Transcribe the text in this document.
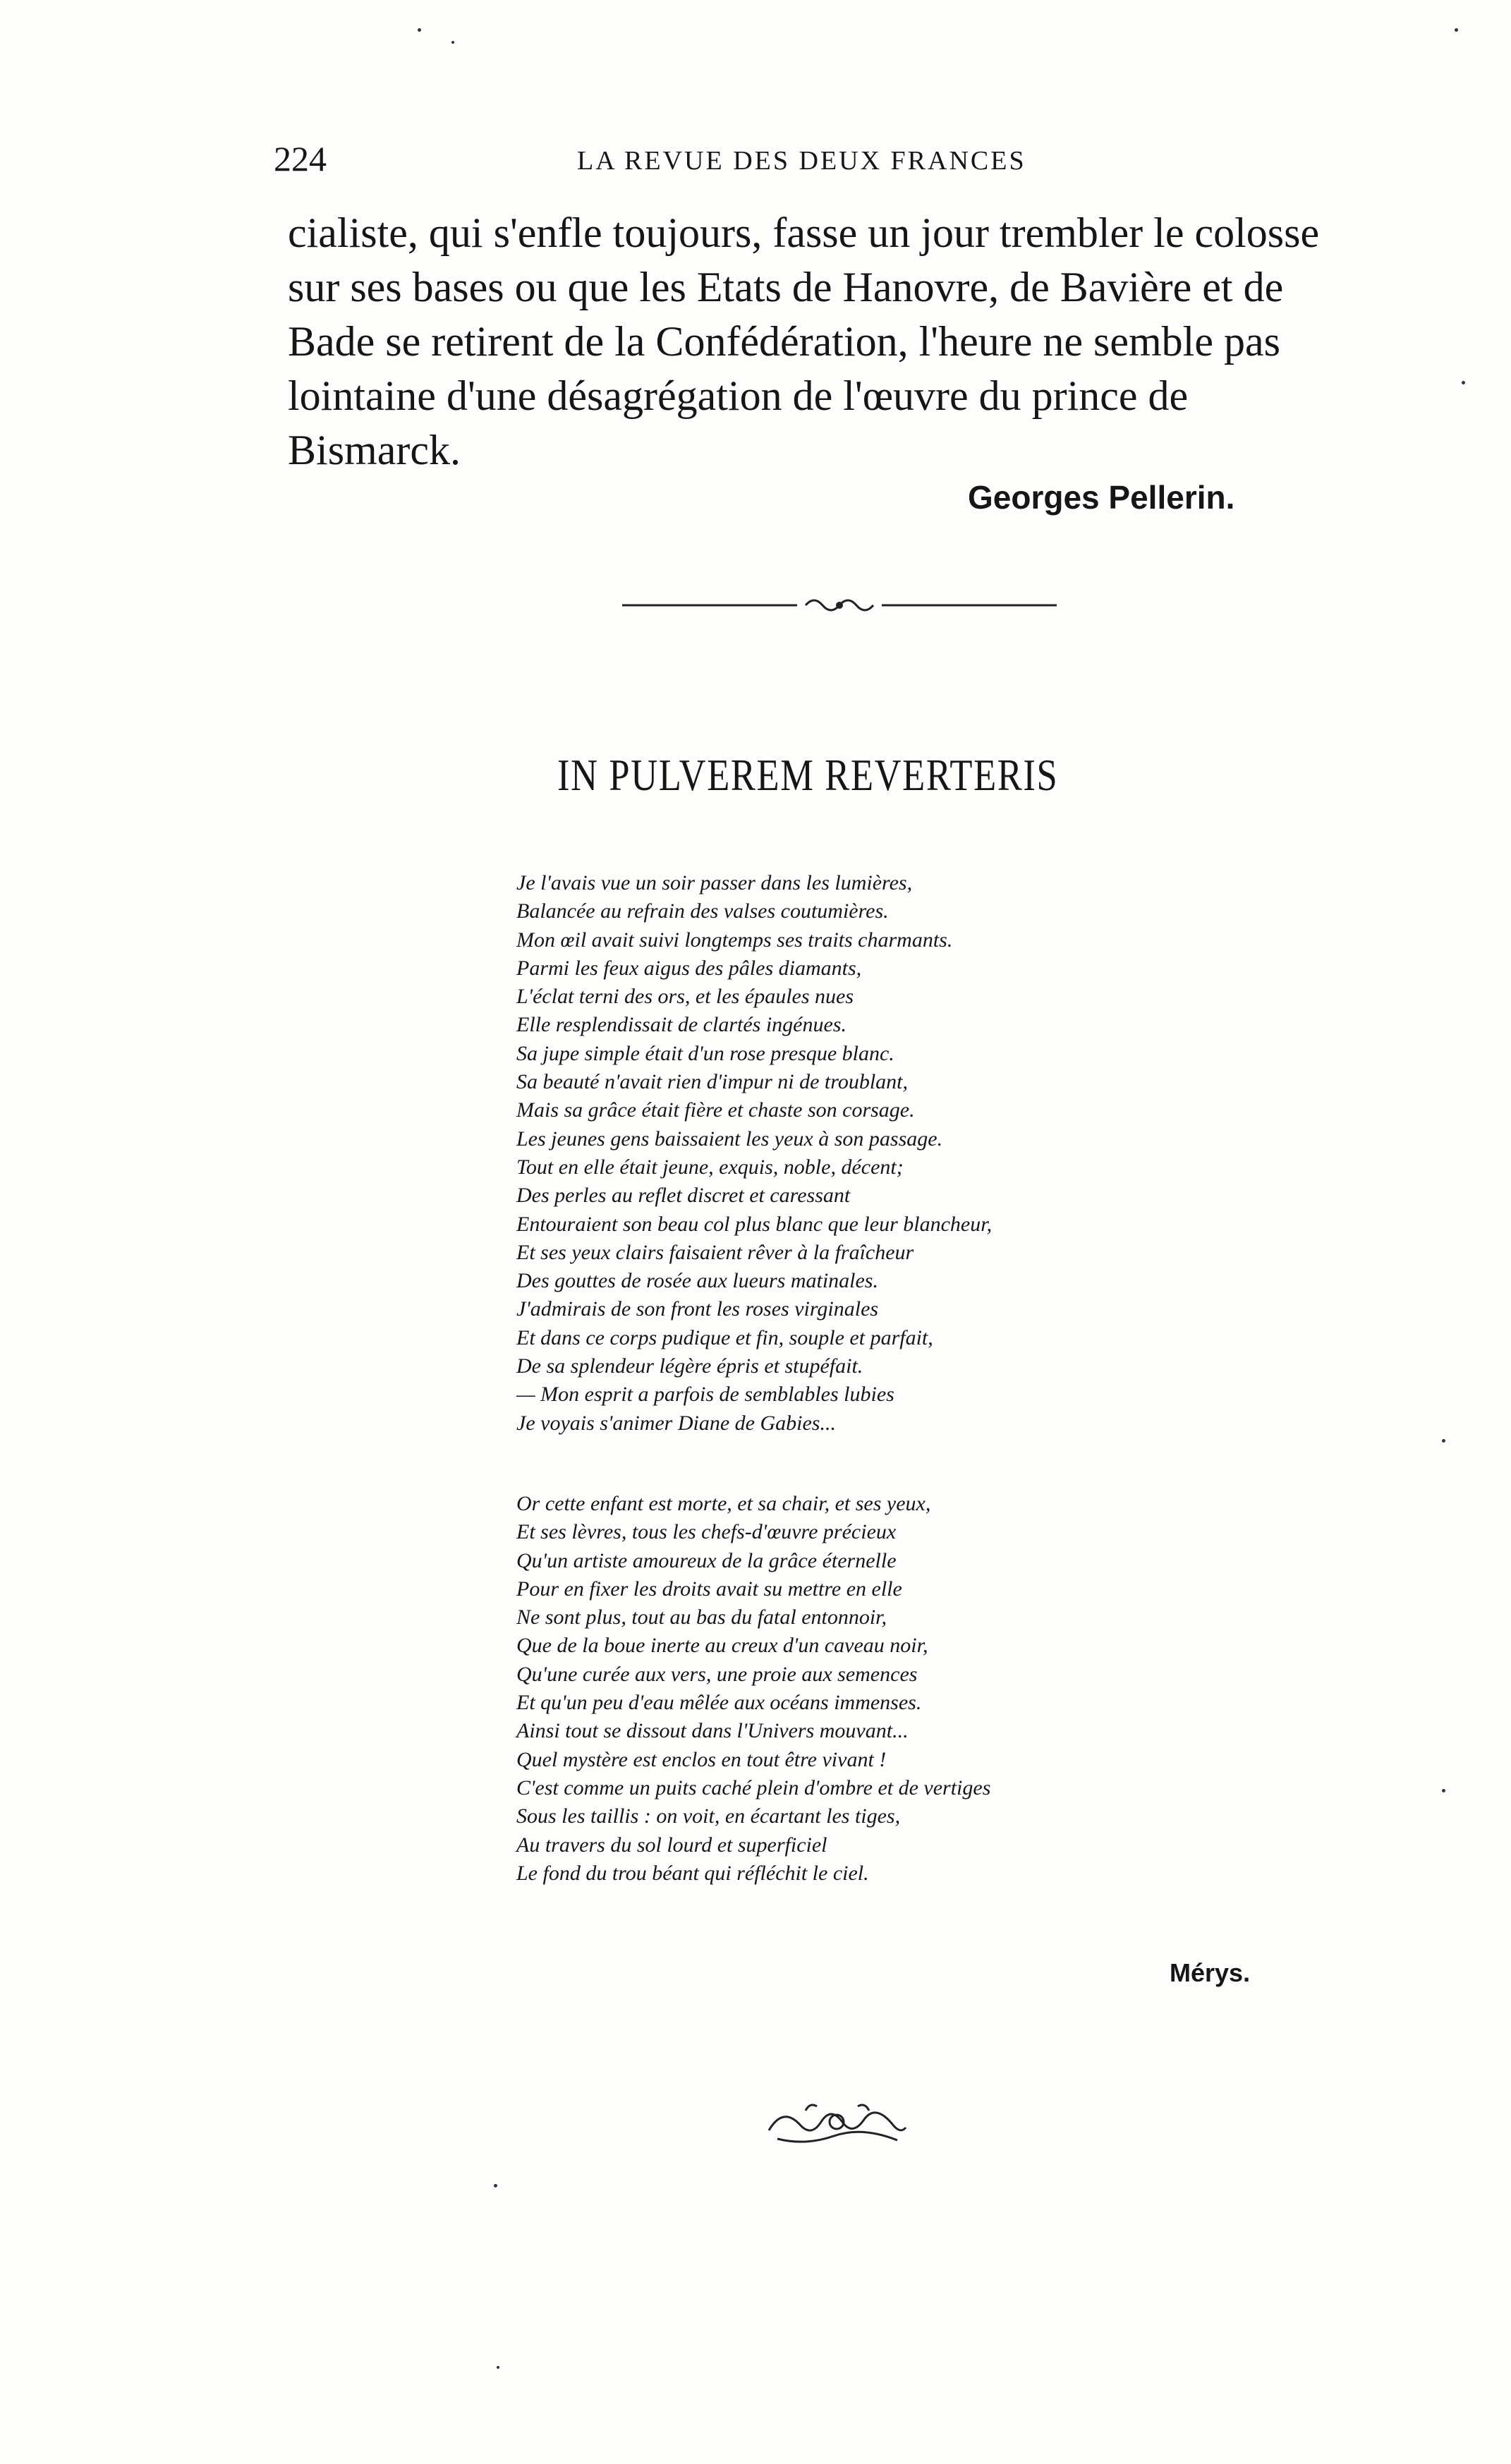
224	LA REVUE DES DEUX FRANCES
cialiste, qui s'enfle toujours, fasse un jour trembler le colosse
sur ses bases ou que les Etats de Hanovre, de Bavière et de
Bade se retirent de la Confédération, l'heure ne semble pas
lointaine d'une désagrégation de l'œuvre du prince de
Bismarck.
Georges Pellerin.
IN PULVEREM REVERTERIS
Je l'avais vue un soir passer dans les lumières,
Balancée au refrain des valses coutumières.
Mon œil avait suivi longtemps ses traits charmants.
Parmi les feux aigus des pâles diamants,
L'éclat terni des ors, et les épaules nues
Elle resplendissait de clartés ingénues.
Sa jupe simple était d'un rose presque blanc.
Sa beauté n'avait rien d'impur ni de troublant,
Mais sa grâce était fière et chaste son corsage.
Les jeunes gens baissaient les yeux à son passage.
Tout en elle était jeune, exquis, noble, décent;
Des perles au reflet discret et caressant
Entouraient son beau col plus blanc que leur blancheur,
Et ses yeux clairs faisaient rêver à la fraîcheur
Des gouttes de rosée aux lueurs matinales.
J'admirais de son front les roses virginales
Et dans ce corps pudique et fin, souple et parfait,
De sa splendeur légère épris et stupéfait.
— Mon esprit a parfois de semblables lubies
Je voyais s'animer Diane de Gabies...
Or cette enfant est morte, et sa chair, et ses yeux,
Et ses lèvres, tous les chefs-d'œuvre précieux
Qu'un artiste amoureux de la grâce éternelle
Pour en fixer les droits avait su mettre en elle
Ne sont plus, tout au bas du fatal entonnoir,
Que de la boue inerte au creux d'un caveau noir,
Qu'une curée aux vers, une proie aux semences
Et qu'un peu d'eau mêlée aux océans immenses.
Ainsi tout se dissout dans l'Univers mouvant...
Quel mystère est enclos en tout être vivant !
C'est comme un puits caché plein d'ombre et de vertiges
Sous les taillis : on voit, en écartant les tiges,
Au travers du sol lourd et superficiel
Le fond du trou béant qui réfléchit le ciel.
Mérys.
